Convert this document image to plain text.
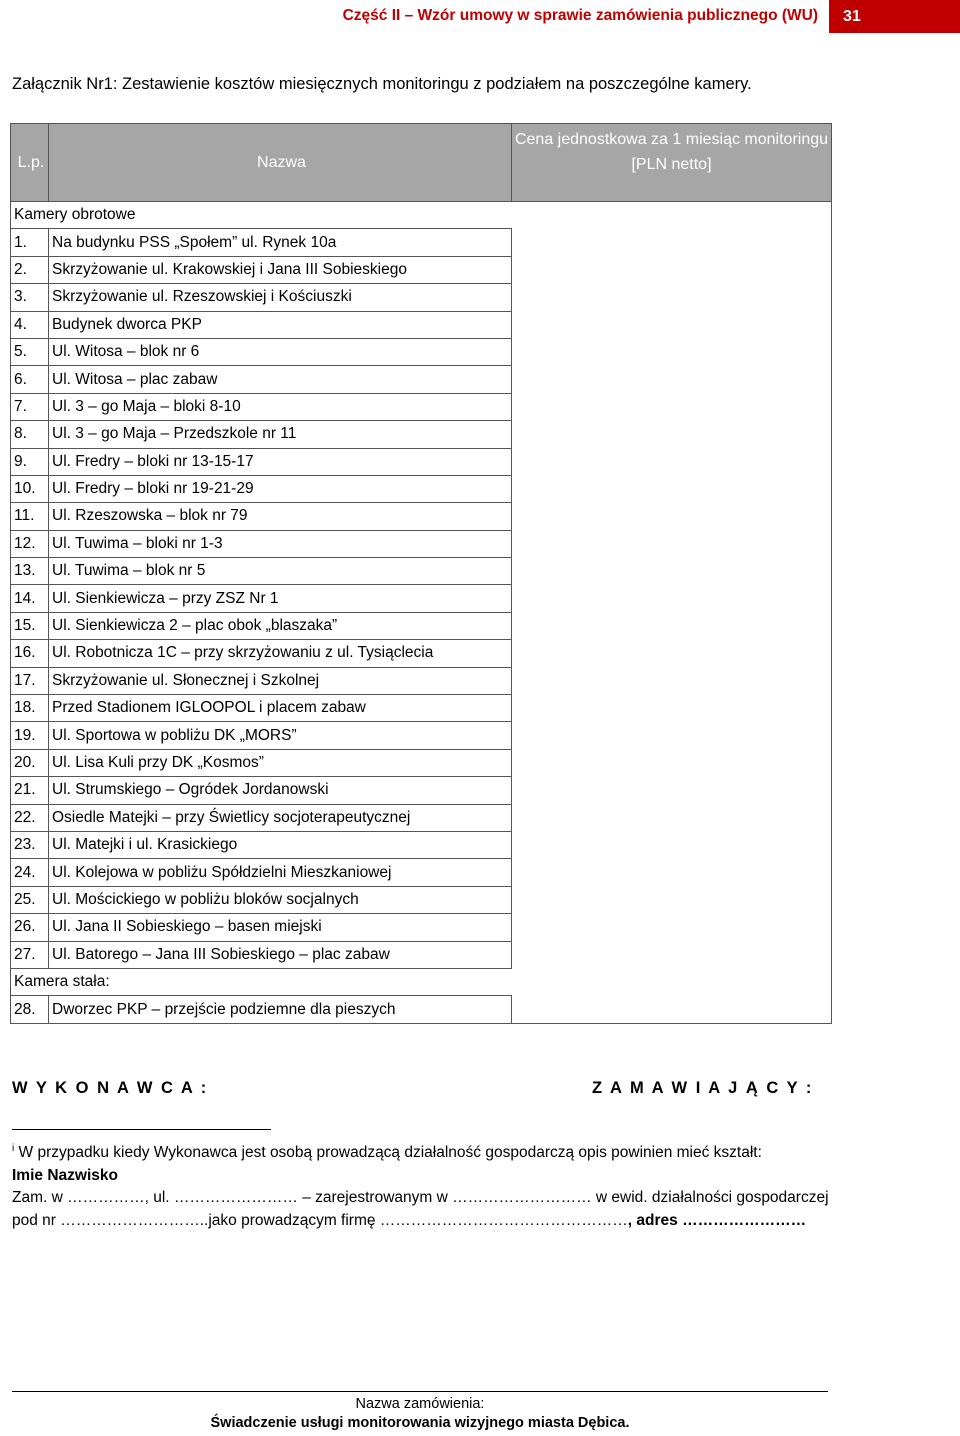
Część II – Wzór umowy w sprawie zamówienia publicznego (WU)	31
Załącznik Nr1: Zestawienie kosztów miesięcznych monitoringu z podziałem na poszczególne kamery.
L.p.	Nazwa	Cena jednostkowa za 1 miesiąc monitoringu
[PLN netto]

Kamery obrotowe		
1.	Na budynku PSS „Społem” ul. Rynek 10a	
2.	Skrzyżowanie ul. Krakowskiej i Jana III Sobieskiego	
3.	Skrzyżowanie ul. Rzeszowskiej i Kościuszki	
4.	Budynek dworca PKP	
5.	Ul. Witosa – blok nr 6	
6.	Ul. Witosa – plac zabaw	
7.	Ul. 3 – go Maja – bloki 8-10	
8.	Ul. 3 – go Maja – Przedszkole nr 11	
9.	Ul. Fredry – bloki nr 13-15-17	
10.	Ul. Fredry – bloki nr 19-21-29	
11.	Ul. Rzeszowska – blok nr 79	
12.	Ul. Tuwima – bloki nr 1-3	
13.	Ul. Tuwima – blok nr 5	
14.	Ul. Sienkiewicza – przy ZSZ Nr 1	
15.	Ul. Sienkiewicza 2 – plac obok „blaszaka”	
16.	Ul. Robotnicza 1C – przy skrzyżowaniu z ul. Tysiąclecia	
17.	Skrzyżowanie ul. Słonecznej i Szkolnej	
18.	Przed Stadionem IGLOOPOL i placem zabaw	
19.	Ul. Sportowa w pobliżu DK „MORS”	
20.	Ul. Lisa Kuli przy DK „Kosmos”	
21.	Ul. Strumskiego – Ogródek Jordanowski	
22.	Osiedle Matejki – przy Świetlicy socjoterapeutycznej	
23.	Ul. Matejki i ul. Krasickiego	
24.	Ul. Kolejowa w pobliżu Spółdzielni Mieszkaniowej	
25.	Ul. Mościckiego w pobliżu bloków socjalnych	
26.	Ul. Jana II Sobieskiego – basen miejski	
27.	Ul. Batorego – Jana III Sobieskiego – plac zabaw	
Kamera stała:		
28.	Dworzec PKP – przejście podziemne dla pieszych	
W Y K O N A W C A :	Z A M A W I A J Ą C Y :
$^i$ W przypadku kiedy Wykonawca jest osobą prowadzącą działalność gospodarczą opis powinien mieć kształt:
Imie Nazwisko
Zam. w ……………, ul. …………………… – zarejestrowanym w ……………………… w ewid. działalności gospodarczej
pod nr ………………………..jako prowadzącym firmę …………………………………………, adres ……………………
Nazwa zamówienia:
Świadczenie usługi monitorowania wizyjnego miasta Dębica.
